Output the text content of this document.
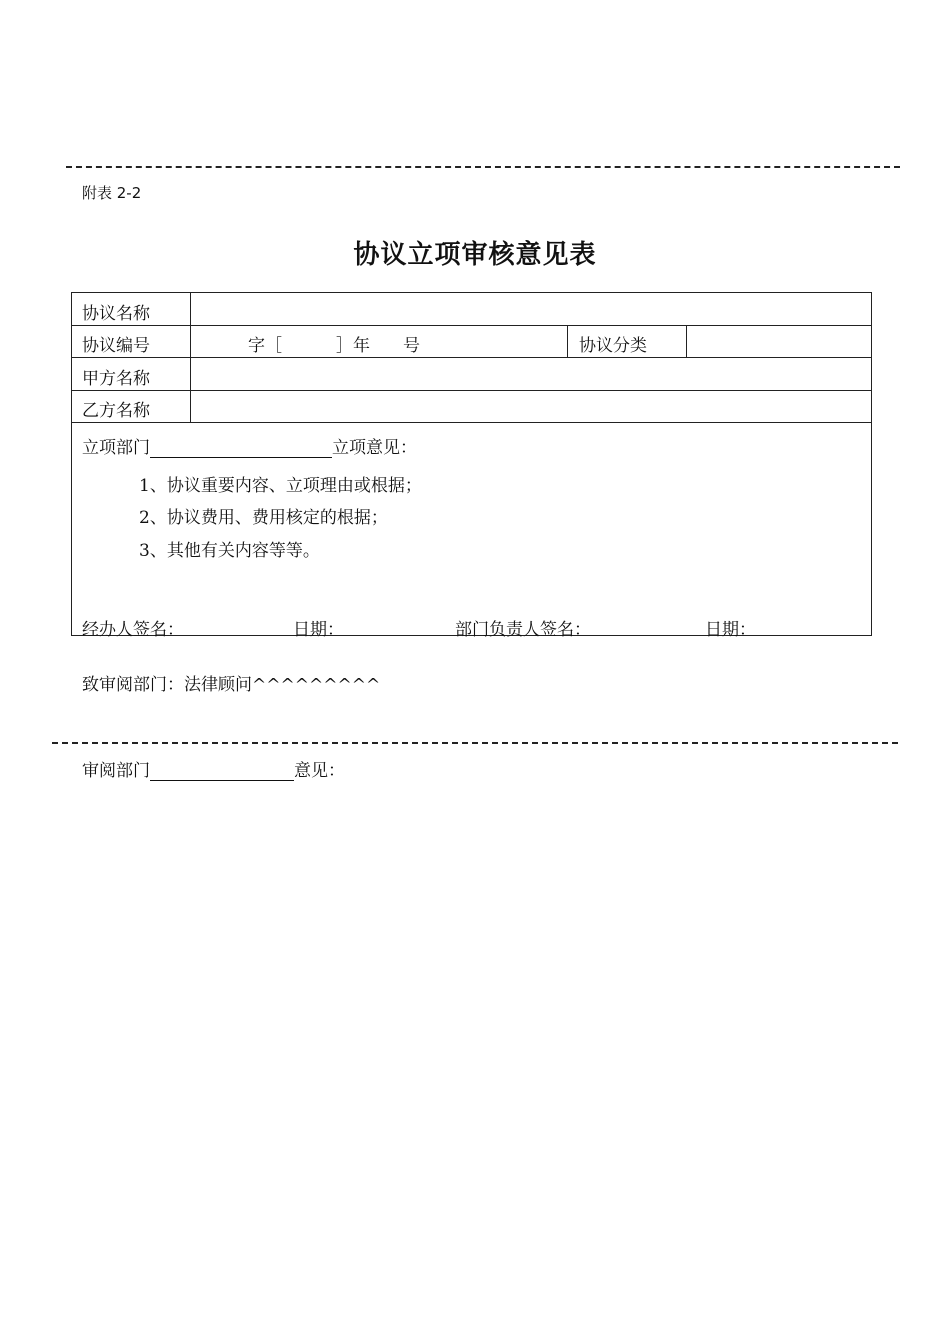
附表 2-2
协议立项审核意见表
协议名称
协议编号	字［	］年 号	协议分类
甲方名称
乙方名称
立项部门	立项意见：
1、协议重要内容、立项理由或根据；
2、协议费用、费用核定的根据；
3、其他有关内容等等。
经办人签名：	日期：	部门负责人签名：	日期：
致审阅部门：法律顾问^^^^^^^^^
审阅部门	意见：
